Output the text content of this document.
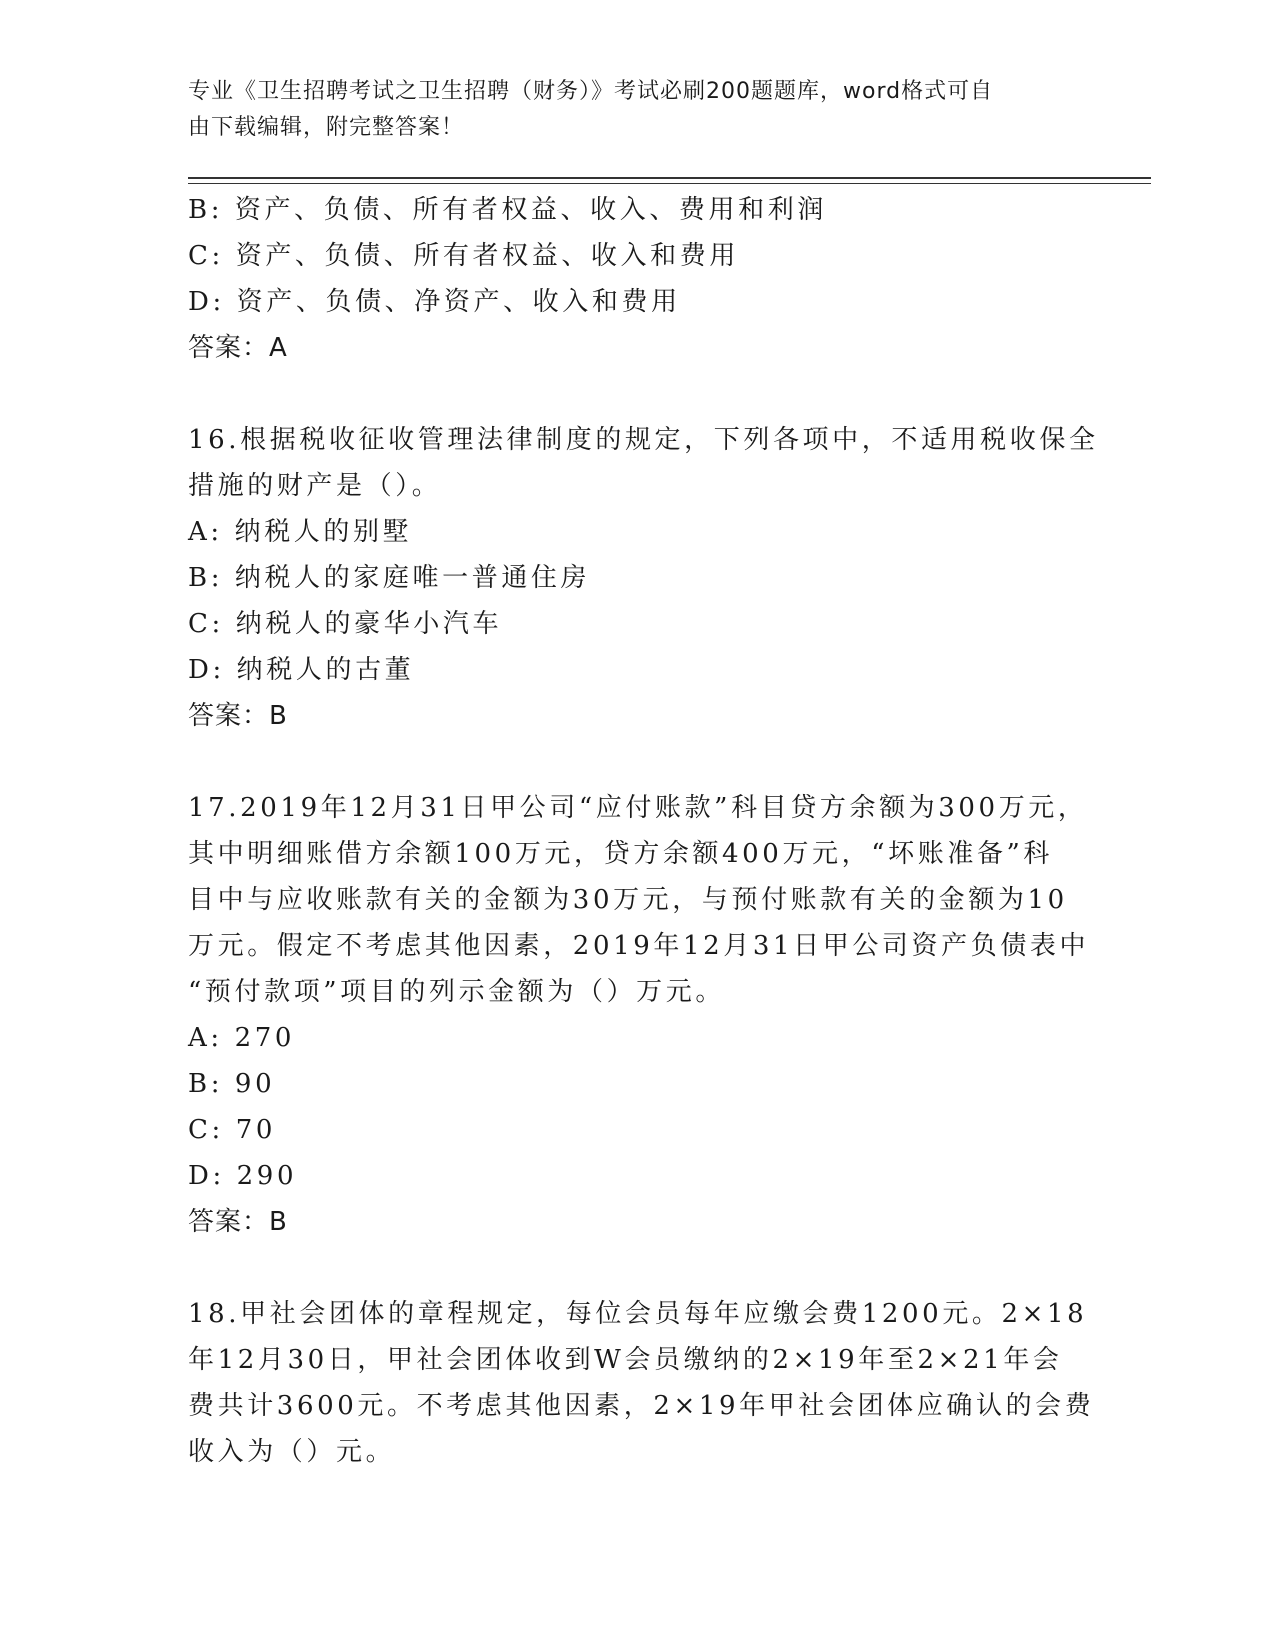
专业《卫生招聘考试之卫生招聘（财务）》考试必刷200题题库，word格式可自
由下载编辑，附完整答案！
B: 资产、负债、所有者权益、收入、费用和利润
C: 资产、负债、所有者权益、收入和费用
D: 资产、负债、净资产、收入和费用
答案：A
16.根据税收征收管理法律制度的规定，下列各项中，不适用税收保全
措施的财产是（）。
A: 纳税人的别墅
B: 纳税人的家庭唯一普通住房
C: 纳税人的豪华小汽车
D: 纳税人的古董
答案：B
17.2019年12月31日甲公司“应付账款”科目贷方余额为300万元，
其中明细账借方余额100万元，贷方余额400万元，“坏账准备”科
目中与应收账款有关的金额为30万元，与预付账款有关的金额为10
万元。假定不考虑其他因素，2019年12月31日甲公司资产负债表中
“预付款项”项目的列示金额为（）万元。
A: 270
B: 90
C: 70
D: 290
答案：B
18.甲社会团体的章程规定，每位会员每年应缴会费1200元。2×18
年12月30日，甲社会团体收到W会员缴纳的2×19年至2×21年会
费共计3600元。不考虑其他因素，2×19年甲社会团体应确认的会费
收入为（）元。
